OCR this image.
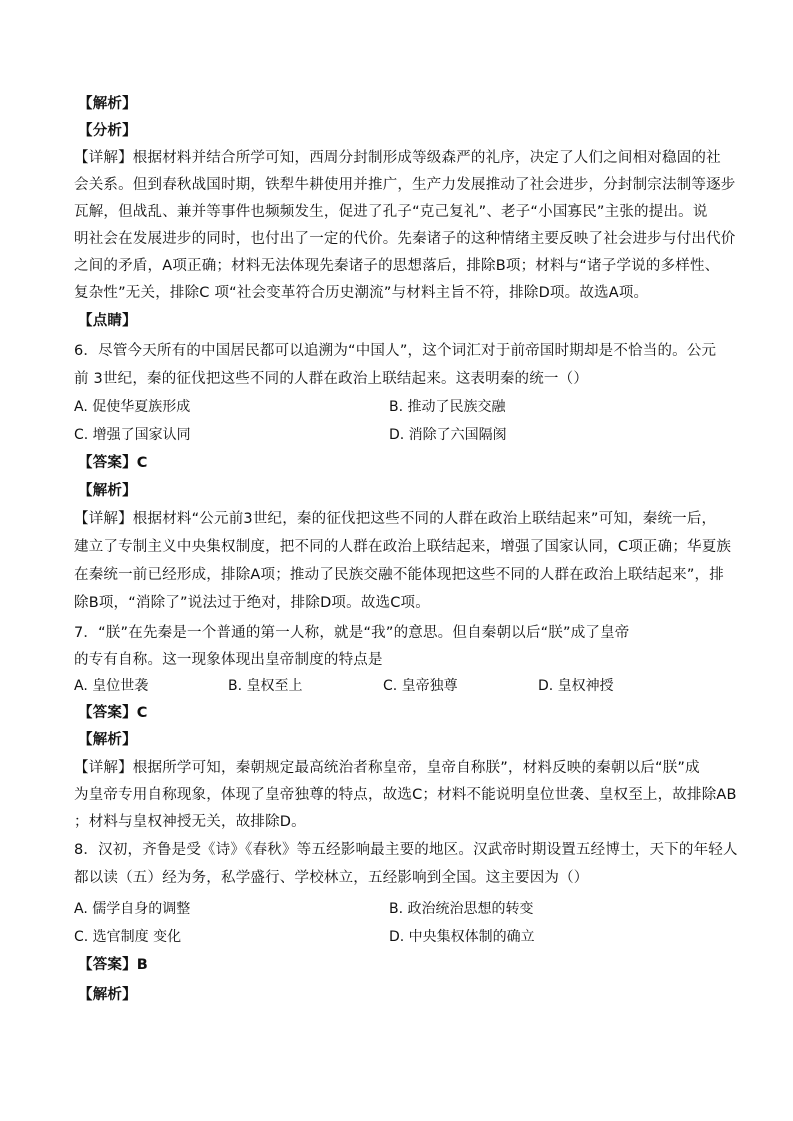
【解析】
【分析】
【详解】根据材料并结合所学可知，西周分封制形成等级森严的礼序，决定了人们之间相对稳固的社
会关系。但到春秋战国时期，铁犁牛耕使用并推广，生产力发展推动了社会进步，分封制宗法制等逐步
瓦解，但战乱、兼并等事件也频频发生，促进了孔子“克己复礼”、老子“小国寡民”主张的提出。说
明社会在发展进步的同时，也付出了一定的代价。先秦诸子的这种情绪主要反映了社会进步与付出代价
之间的矛盾，A项正确；材料无法体现先秦诸子的思想落后，排除B项；材料与“诸子学说的多样性、
复杂性”无关，排除C 项“社会变革符合历史潮流”与材料主旨不符，排除D项。故选A项。
【点睛】
6．尽管今天所有的中国居民都可以追溯为“中国人”，这个词汇对于前帝国时期却是不恰当的。公元
前 3世纪，秦的征伐把这些不同的人群在政治上联结起来。这表明秦的统一（）
A. 促使华夏族形成	B. 推动了民族交融
C. 增强了国家认同	D. 消除了六国隔阂
【答案】C
【解析】
【详解】根据材料“公元前3世纪，秦的征伐把这些不同的人群在政治上联结起来”可知，秦统一后，
建立了专制主义中央集权制度，把不同的人群在政治上联结起来，增强了国家认同，C项正确；华夏族
在秦统一前已经形成，排除A项；推动了民族交融不能体现把这些不同的人群在政治上联结起来”，排
除B项，“消除了”说法过于绝对，排除D项。故选C项。
7．“朕”在先秦是一个普通的第一人称，就是“我”的意思。但自秦朝以后“朕”成了皇帝
的专有自称。这一现象体现出皇帝制度的特点是
A. 皇位世袭	B. 皇权至上	C. 皇帝独尊	D. 皇权神授
【答案】C
【解析】
【详解】根据所学可知，秦朝规定最高统治者称皇帝，皇帝自称朕”，材料反映的秦朝以后“朕”成
为皇帝专用自称现象，体现了皇帝独尊的特点，故选C；材料不能说明皇位世袭、皇权至上，故排除AB
；材料与皇权神授无关，故排除D。
8．汉初，齐鲁是受《诗》《春秋》等五经影响最主要的地区。汉武帝时期设置五经博士，天下的年轻人
都以读（五）经为务，私学盛行、学校林立，五经影响到全国。这主要因为（）
A. 儒学自身的调整	B. 政治统治思想的转变
C. 选官制度 变化	D. 中央集权体制的确立
【答案】B
【解析】
